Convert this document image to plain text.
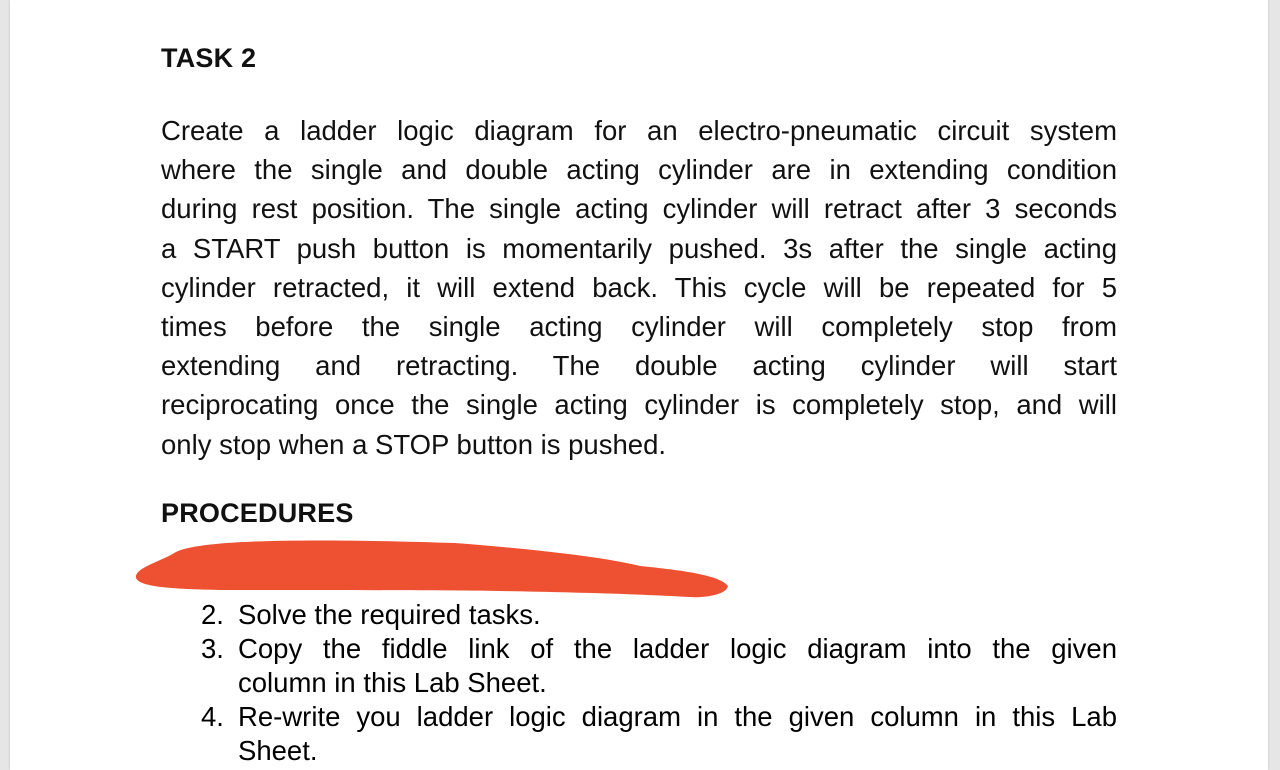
TASK 2
Create a ladder logic diagram for an electro-pneumatic circuit system
where the single and double acting cylinder are in extending condition
during rest position. The single acting cylinder will retract after 3 seconds
a START push button is momentarily pushed. 3s after the single acting
cylinder retracted, it will extend back. This cycle will be repeated for 5
times before the single acting cylinder will completely stop from
extending and retracting. The double acting cylinder will start
reciprocating once the single acting cylinder is completely stop, and will
only stop when a STOP button is pushed.
PROCEDURES
2. Solve the required tasks.
3. Copy the fiddle link of the ladder logic diagram into the given
column in this Lab Sheet.
4. Re-write you ladder logic diagram in the given column in this Lab
Sheet.
